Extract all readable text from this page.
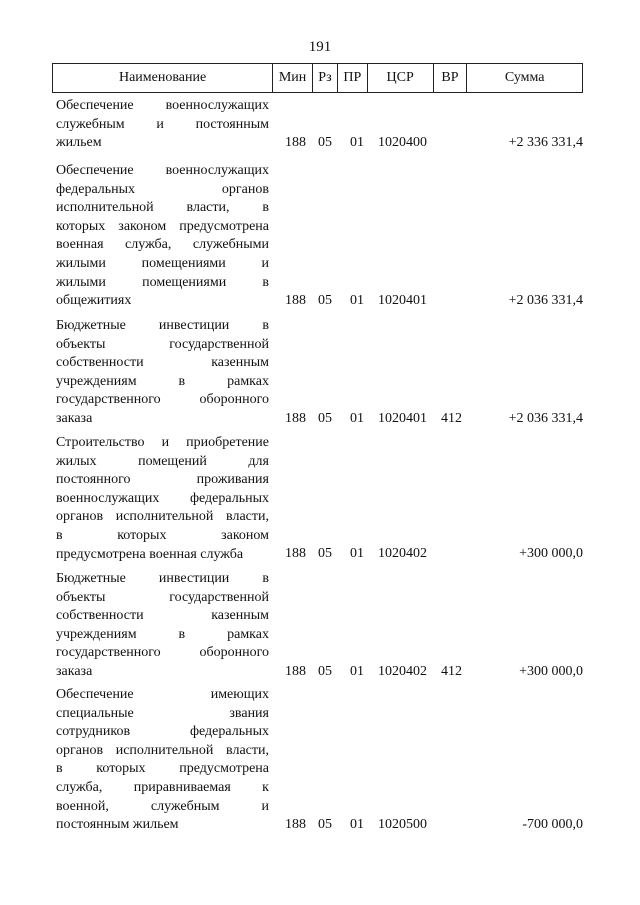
191
Наименование	Мин Рз ПР	ЦСР	ВР	Сумма
Обеспечение военнослужащих
служебным и постоянным
жильем	188 05 01 1020400	+2 336 331,4
Обеспечение военнослужащих
федеральных органов
исполнительной власти, в
которых законом предусмотрена
военная служба, служебными
жилыми помещениями и
жилыми помещениями в
общежитиях	188 05 01 1020401	+2 036 331,4
Бюджетные инвестиции в
объекты государственной
собственности казенным
учреждениям в рамках
государственного оборонного
заказа	188 05 01 1020401 412	+2 036 331,4
Строительство и приобретение
жилых помещений для
постоянного проживания
военнослужащих федеральных
органов исполнительной власти,
в которых законом
предусмотрена военная служба	188 05 01 1020402	+300 000,0
Бюджетные инвестиции в
объекты государственной
собственности казенным
учреждениям в рамках
государственного оборонного
заказа	188 05 01 1020402 412	+300 000,0
Обеспечение имеющих
специальные звания
сотрудников федеральных
органов исполнительной власти,
в которых предусмотрена
служба, приравниваемая к
военной, служебным и
постоянным жильем	188 05 01 1020500	-700 000,0
